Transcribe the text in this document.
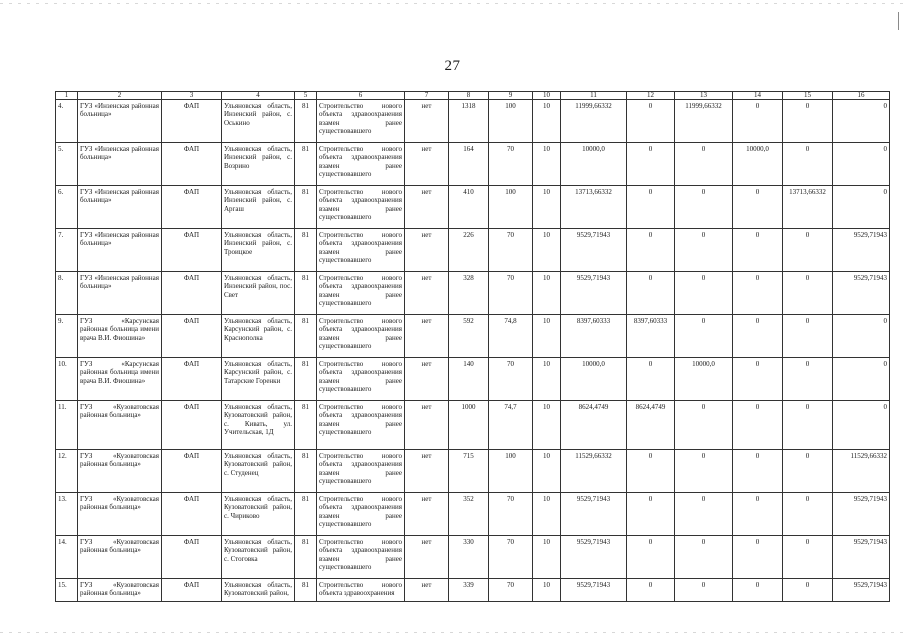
27
1	2	3	4	5	6	7	8	9	10	11	12	13	14	15	16
4.	ГУЗ «Инзенская районная больница»	ФАП	Ульяновская область, Инзенский район, с. Оськино	81	Строительство нового объекта здравоохранения взамен ранее существовавшего	нет	1318	100	10	11999,66332	0	11999,66332	0	0	0
5.	ГУЗ «Инзенская районная больница»	ФАП	Ульяновская область, Инзенский район, с. Возрино	81	Строительство нового объекта здравоохранения взамен ранее существовавшего	нет	164	70	10	10000,0	0	0	10000,0	0	0
6.	ГУЗ «Инзенская районная больница»	ФАП	Ульяновская область, Инзенский район, с. Аргаш	81	Строительство нового объекта здравоохранения взамен ранее существовавшего	нет	410	100	10	13713,66332	0	0	0	13713,66332	0
7.	ГУЗ «Инзенская районная больница»	ФАП	Ульяновская область, Инзенский район, с. Троицкое	81	Строительство нового объекта здравоохранения взамен ранее существовавшего	нет	226	70	10	9529,71943	0	0	0	0	9529,71943
8.	ГУЗ «Инзенская районная больница»	ФАП	Ульяновская область, Инзенский район, пос. Свет	81	Строительство нового объекта здравоохранения взамен ранее существовавшего	нет	328	70	10	9529,71943	0	0	0	0	9529,71943
9.	ГУЗ «Карсунская районная больница имени врача В.И. Фиошина»	ФАП	Ульяновская область, Карсунский район, с. Краснополка	81	Строительство нового объекта здравоохранения взамен ранее существовавшего	нет	592	74,8	10	8397,60333	8397,60333	0	0	0	0
10.	ГУЗ «Карсунская районная больница имени врача В.И. Фиошина»	ФАП	Ульяновская область, Карсунский район, с. Татарские Горенки	81	Строительство нового объекта здравоохранения взамен ранее существовавшего	нет	140	70	10	10000,0	0	10000,0	0	0	0
11.	ГУЗ «Кузоватовская районная больница»	ФАП	Ульяновская область, Кузоватовский район, с. Кивать, ул. Учительская, 1Д	81	Строительство нового объекта здравоохранения взамен ранее существовавшего	нет	1000	74,7	10	8624,4749	8624,4749	0	0	0	0
12.	ГУЗ «Кузоватовская районная больница»	ФАП	Ульяновская область, Кузоватовский район, с. Студенец	81	Строительство нового объекта здравоохранения взамен ранее существовавшего	нет	715	100	10	11529,66332	0	0	0	0	11529,66332
13.	ГУЗ «Кузоватовская районная больница»	ФАП	Ульяновская область, Кузоватовский район, с. Чириково	81	Строительство нового объекта здравоохранения взамен ранее существовавшего	нет	352	70	10	9529,71943	0	0	0	0	9529,71943
14.	ГУЗ «Кузоватовская районная больница»	ФАП	Ульяновская область, Кузоватовский район, с. Стоговка	81	Строительство нового объекта здравоохранения взамен ранее существовавшего	нет	330	70	10	9529,71943	0	0	0	0	9529,71943
15.	ГУЗ «Кузоватовская районная больница»	ФАП	Ульяновская область, Кузоватовский район,	81	Строительство нового объекта здравоохранения	нет	339	70	10	9529,71943	0	0	0	0	9529,71943
